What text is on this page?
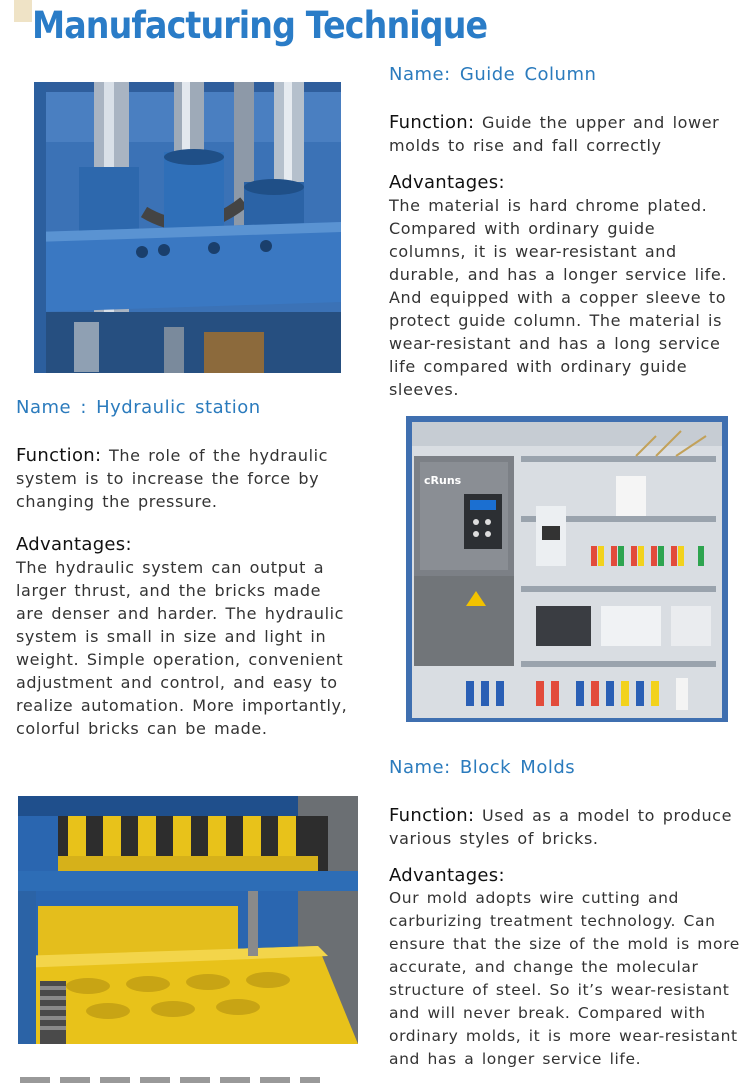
Manufacturing Technique
Name: Guide Column
Function: Guide the upper and lower molds to rise and fall correctly
Advantages:
The material is hard chrome plated. Compared with ordinary guide columns, it is wear-resistant and durable, and has a longer service life. And equipped with a copper sleeve to protect guide column. The material is wear-resistant and has a long service life compared with ordinary guide sleeves.
Name : Hydraulic station
Function: The role of the hydraulic system is to increase the force by changing the pressure.
Advantages:
The hydraulic system can output a larger thrust, and the bricks made are denser and harder. The hydraulic system is small in size and light in weight. Simple operation, convenient adjustment and control, and easy to realize automation. More importantly, colorful bricks can be made.
cRuns
Name: Block Molds
Function: Used as a model to produce various styles of bricks.
Advantages:
Our mold adopts wire cutting and carburizing treatment technology. Can ensure that the size of the mold is more accurate, and change the molecular structure of steel. So it’s wear-resistant and will never break. Compared with ordinary molds, it is more wear-resistant and has a longer service life.
